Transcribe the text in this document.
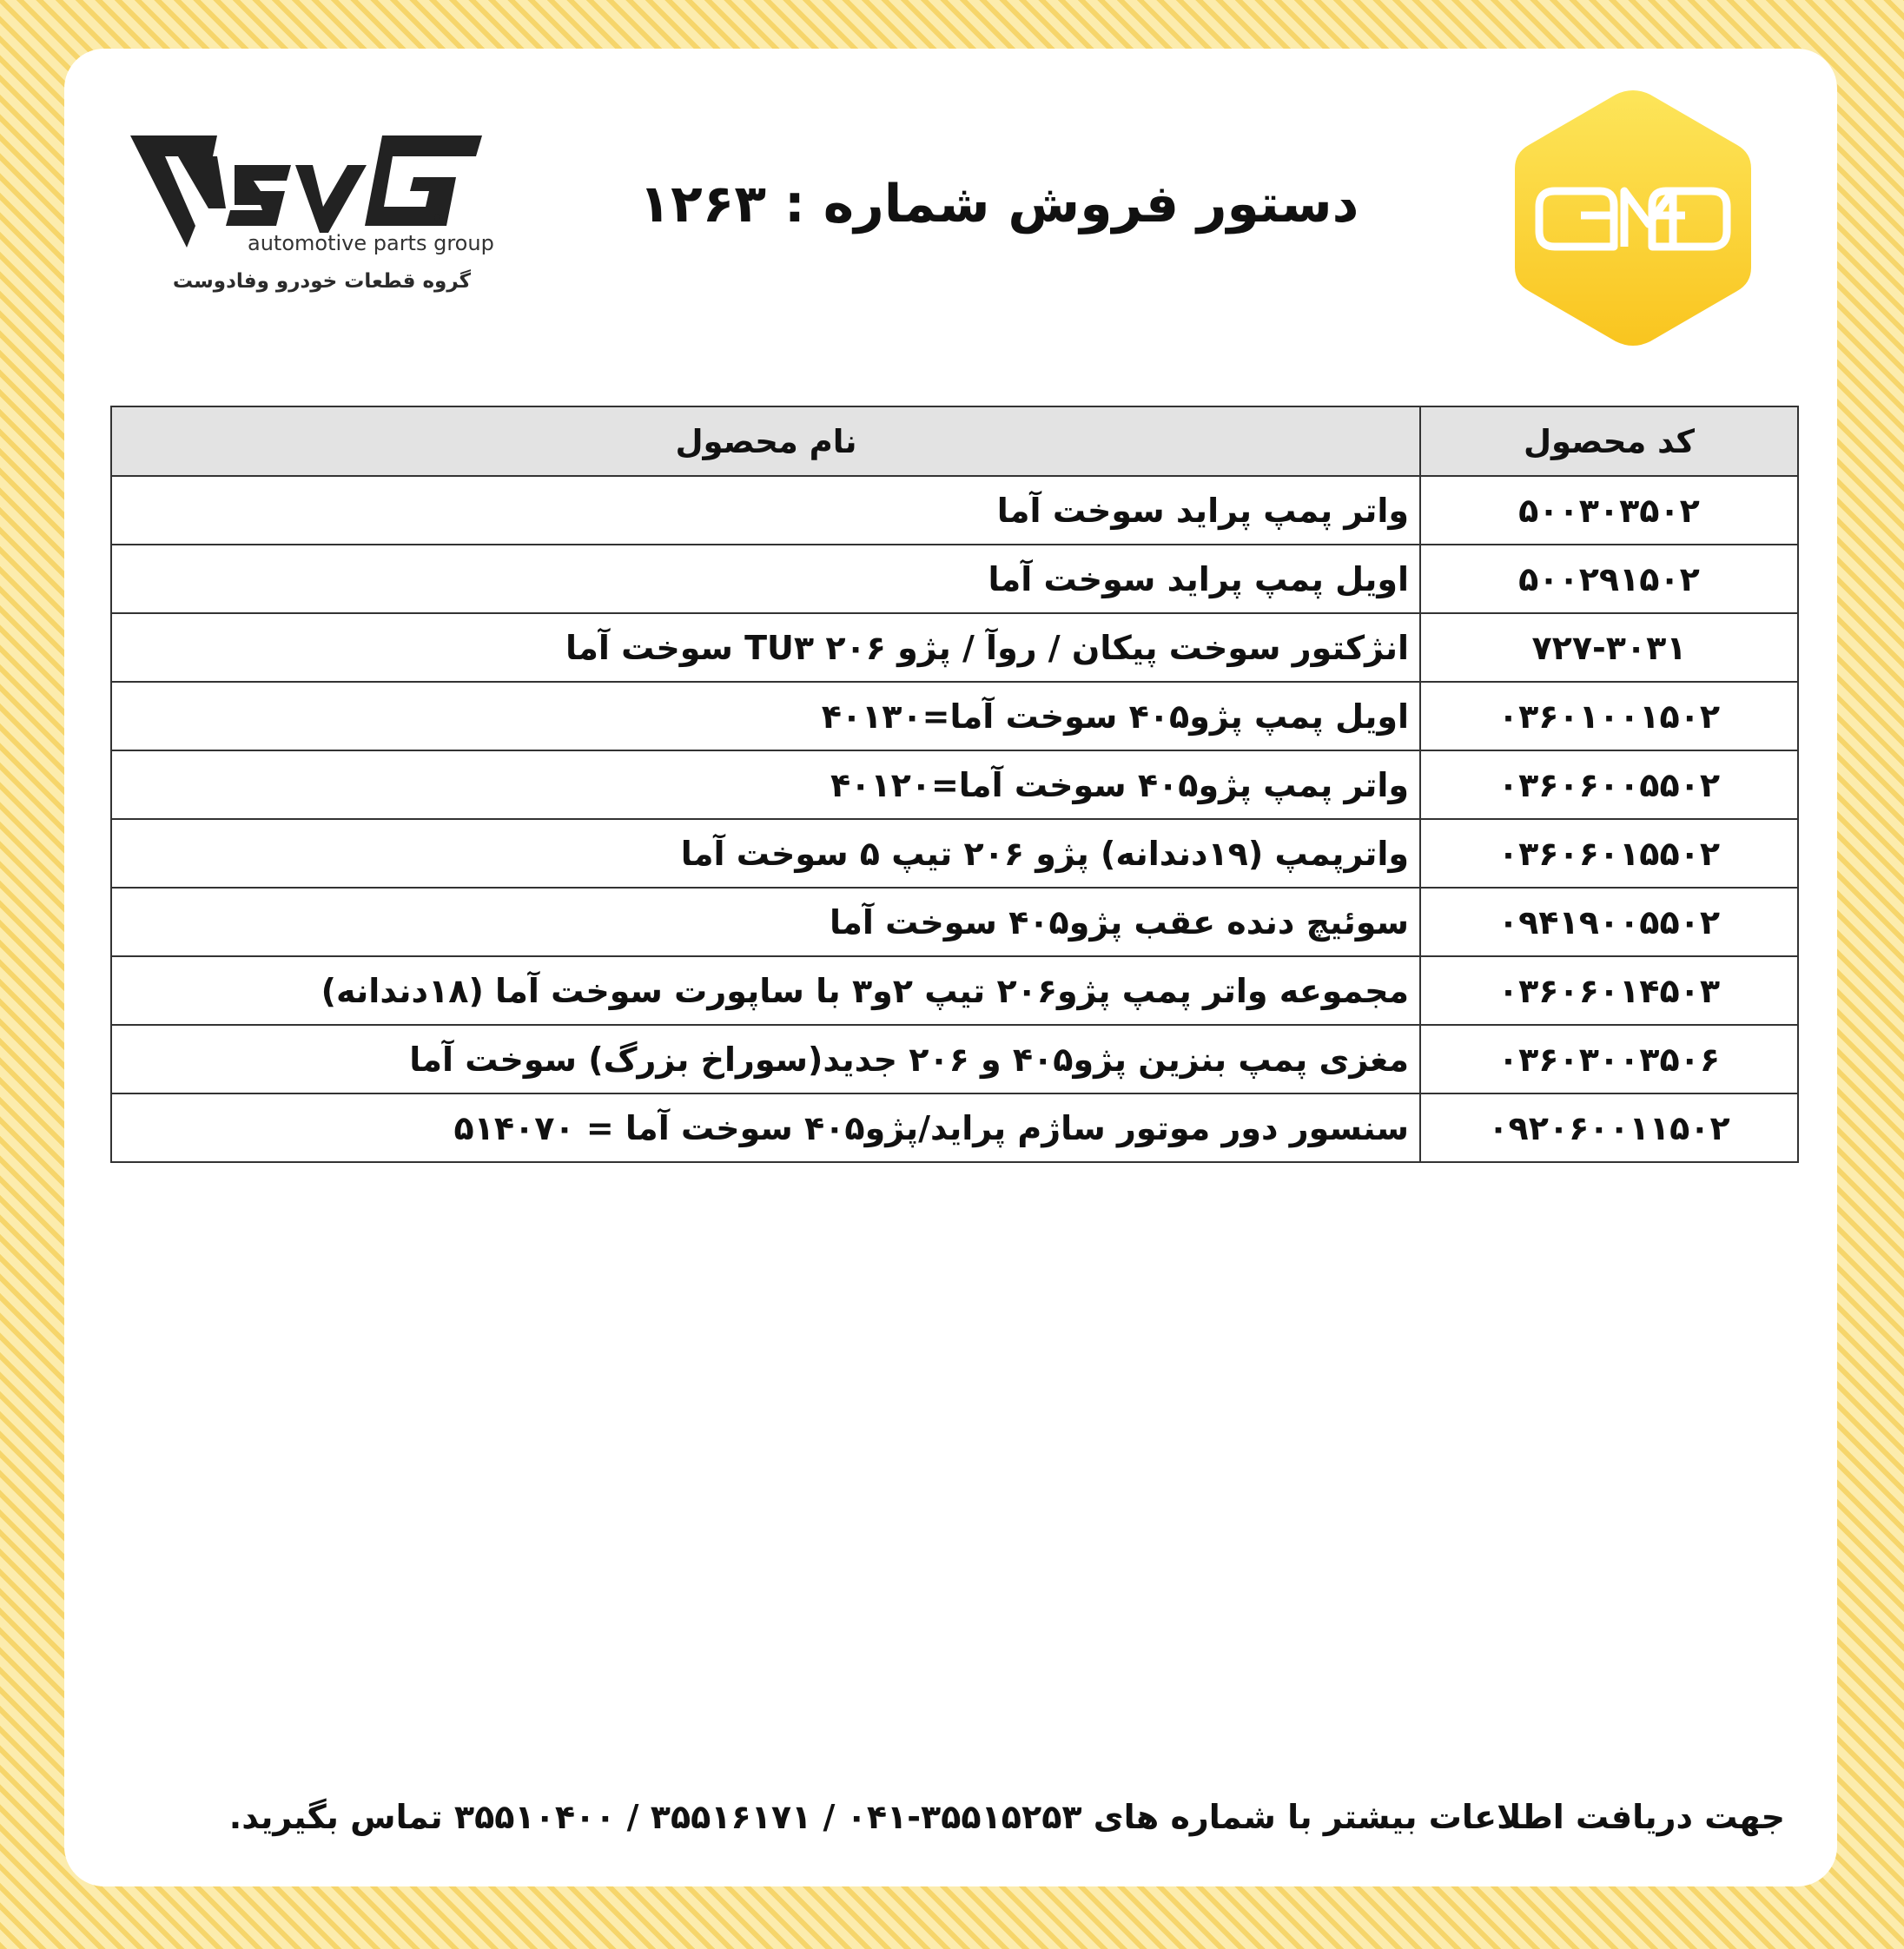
®
automotive parts group
گروه قطعات خودرو وفادوست
دستور فروش شماره : ۱۲۶۳
کد محصول	نام محصول
۵۰۰۳۰۳۵۰۲	واتر پمپ پراید سوخت آما
۵۰۰۲۹۱۵۰۲	اویل پمپ پراید سوخت آما
۷۲۷-۳۰۳۱	انژکتور سوخت پیکان / روآ / پژو ۲۰۶ TU۳ سوخت آما
۰۳۶۰۱۰۰۱۵۰۲	اویل پمپ پژو۴۰۵ سوخت آما=۴۰۱۳۰
۰۳۶۰۶۰۰۵۵۰۲	واتر پمپ پژو۴۰۵ سوخت آما=۴۰۱۲۰
۰۳۶۰۶۰۱۵۵۰۲	واترپمپ (۱۹دندانه) پژو ۲۰۶ تیپ ۵ سوخت آما
۰۹۴۱۹۰۰۵۵۰۲	سوئیچ دنده عقب پژو۴۰۵ سوخت آما
۰۳۶۰۶۰۱۴۵۰۳	مجموعه واتر پمپ پژو۲۰۶ تیپ ۲و۳ با ساپورت سوخت آما (۱۸دندانه)
۰۳۶۰۳۰۰۳۵۰۶	مغزی پمپ بنزین پژو۴۰۵ و ۲۰۶ جدید(سوراخ بزرگ) سوخت آما
۰۹۲۰۶۰۰۱۱۵۰۲	سنسور دور موتور ساژم پراید/پژو۴۰۵ سوخت آما = ۵۱۴۰۷۰
جهت دریافت اطلاعات بیشتر با شماره های ۳۵۵۱۵۲۵۳-۰۴۱ / ۳۵۵۱۶۱۷۱ / ۳۵۵۱۰۴۰۰ تماس بگیرید.
